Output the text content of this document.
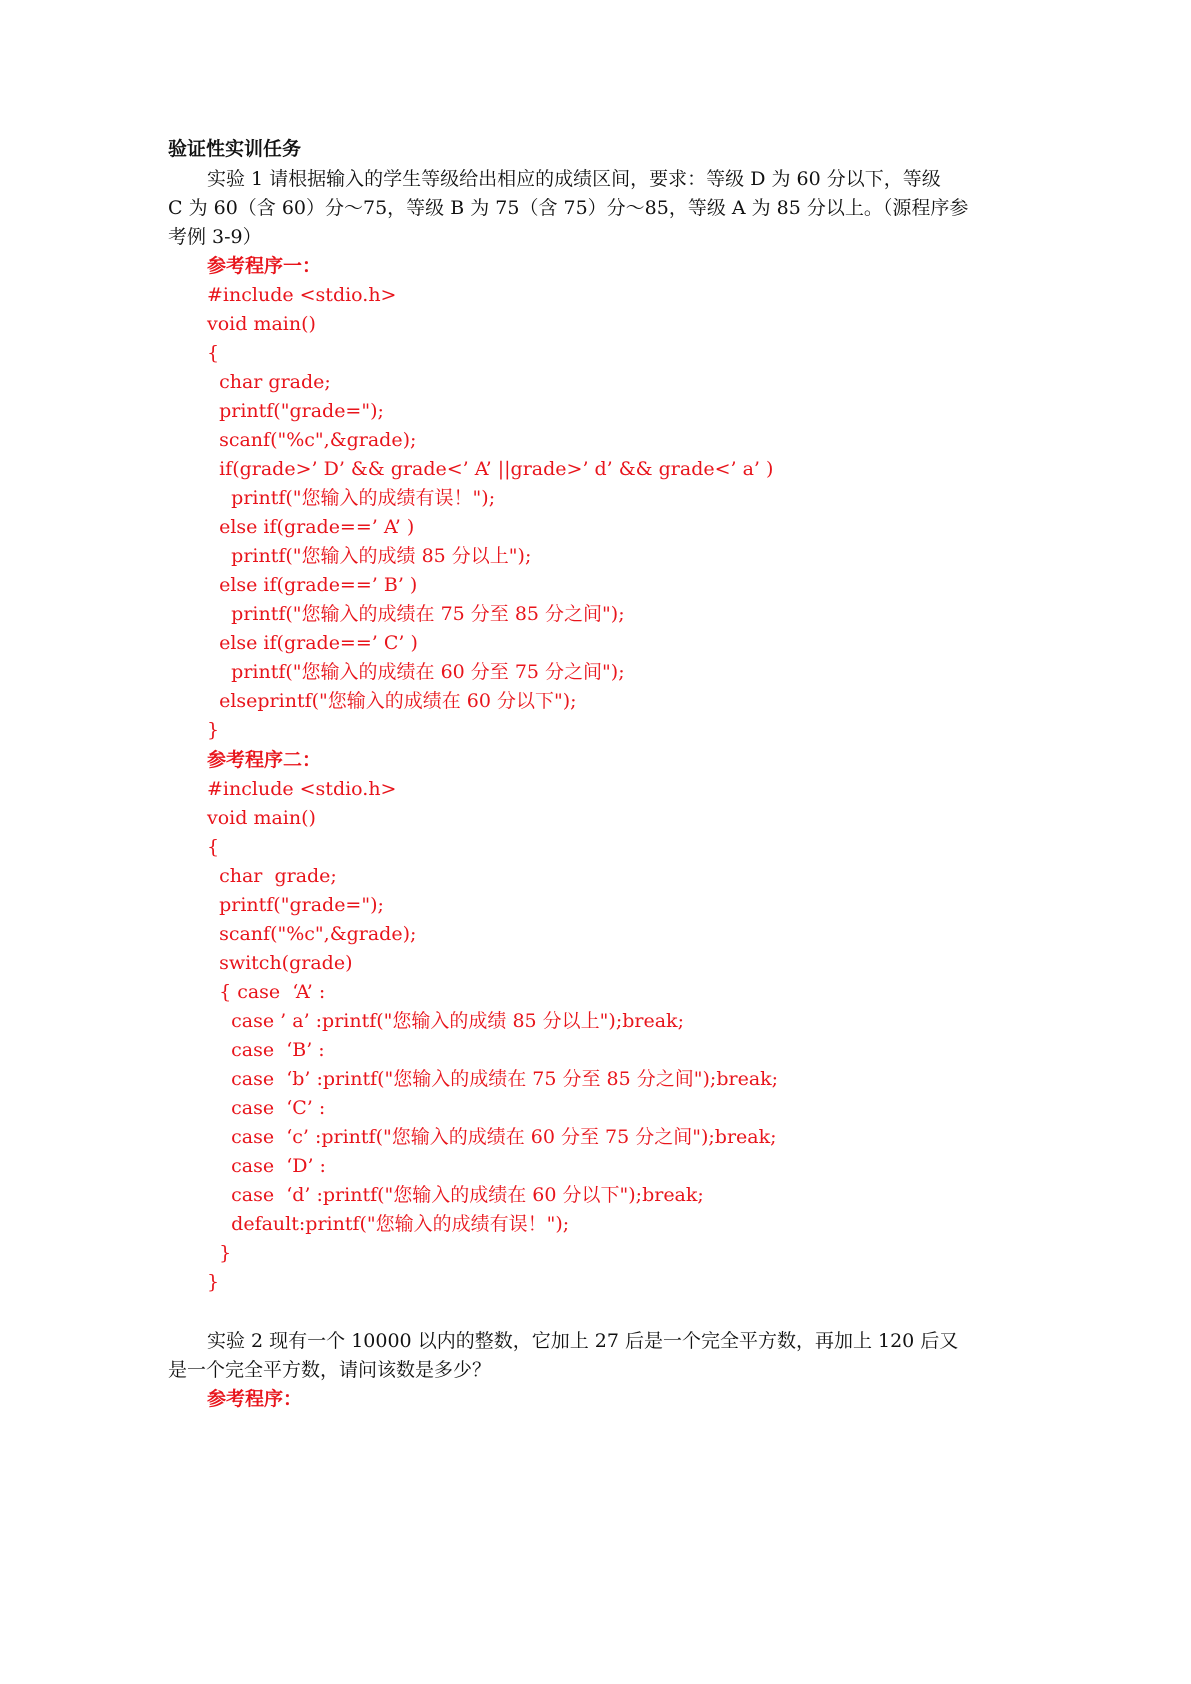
验证性实训任务
实验 1 请根据输入的学生等级给出相应的成绩区间，要求：等级 D 为 60 分以下，等级
C 为 60（含 60）分～75，等级 B 为 75（含 75）分～85，等级 A 为 85 分以上。（源程序参
考例 3-9）
参考程序一：
#include <stdio.h>
void main()
{
char grade;
printf("grade=");
scanf("%c",&grade);
if(grade>’ D’ && grade<’ A’ ||grade>’ d’ && grade<’ a’ )
printf("您输入的成绩有误！");
else if(grade==’ A’ )
printf("您输入的成绩 85 分以上");
else if(grade==’ B’ )
printf("您输入的成绩在 75 分至 85 分之间");
else if(grade==’ C’ )
printf("您输入的成绩在 60 分至 75 分之间");
elseprintf("您输入的成绩在 60 分以下");
}
参考程序二：
#include <stdio.h>
void main()
{
char  grade;
printf("grade=");
scanf("%c",&grade);
switch(grade)
{ case  ‘A’ :
case ’ a’ :printf("您输入的成绩 85 分以上");break;
case  ‘B’ :
case  ‘b’ :printf("您输入的成绩在 75 分至 85 分之间");break;
case  ‘C’ :
case  ‘c’ :printf("您输入的成绩在 60 分至 75 分之间");break;
case  ‘D’ :
case  ‘d’ :printf("您输入的成绩在 60 分以下");break;
default:printf("您输入的成绩有误！");
}
}
实验 2 现有一个 10000 以内的整数，它加上 27 后是一个完全平方数，再加上 120 后又
是一个完全平方数，请问该数是多少？
参考程序：
